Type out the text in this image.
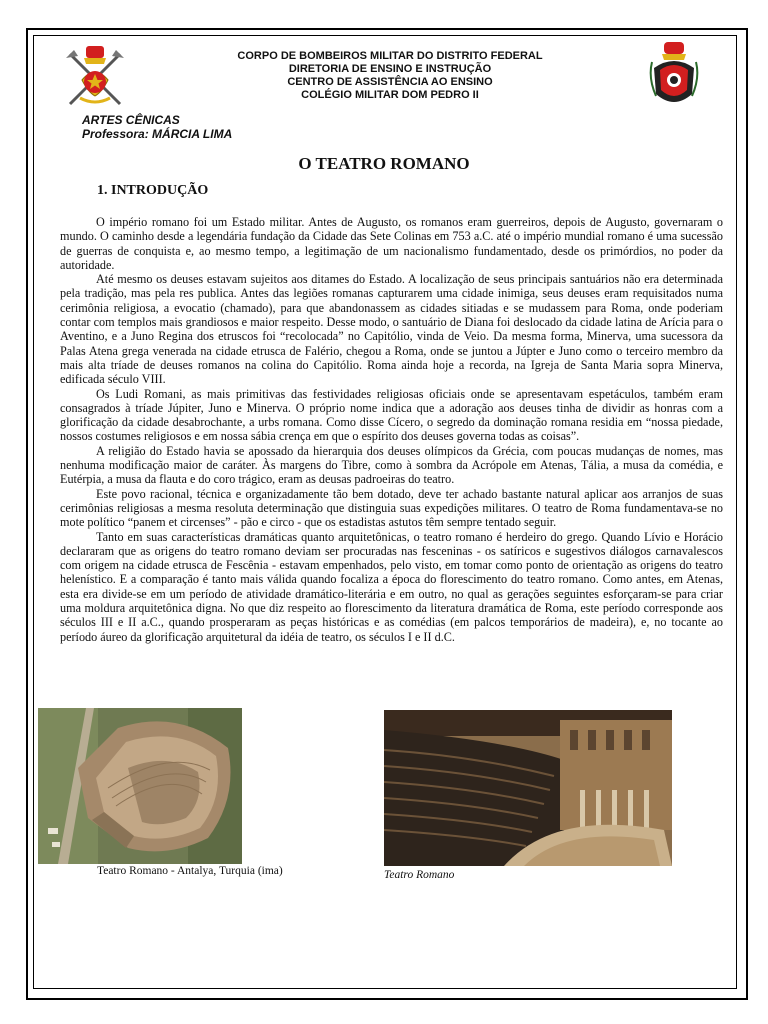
CORPO DE BOMBEIROS MILITAR DO DISTRITO FEDERAL
DIRETORIA DE ENSINO E INSTRUÇÃO
CENTRO DE ASSISTÊNCIA AO ENSINO
COLÉGIO MILITAR DOM PEDRO II
ARTES CÊNICAS
Professora: MÁRCIA LIMA
O TEATRO ROMANO
1. INTRODUÇÃO

O império romano foi um Estado militar. Antes de Augusto, os romanos eram guerreiros, depois de Augusto, governaram o mundo. O caminho desde a legendária fundação da Cidade das Sete Colinas em 753 a.C. até o império mundial romano é uma sucessão de guerras de conquista e, ao mesmo tempo, a legitimação de um nacionalismo fundamentado, desde os primórdios, no poder da autoridade.

Até mesmo os deuses estavam sujeitos aos ditames do Estado. A localização de seus principais santuários não era determinada pela tradição, mas pela res publica. Antes das legiões romanas capturarem uma cidade inimiga, seus deuses eram requisitados numa cerimônia religiosa, a evocatio (chamado), para que abandonassem as cidades sitiadas e se mudassem para Roma, onde poderiam contar com templos mais grandiosos e maior respeito. Desse modo, o santuário de Diana foi deslocado da cidade latina de Arícia para o Aventino, e a Juno Regina dos etruscos foi “recolocada” no Capitólio, vinda de Veio. Da mesma forma, Minerva, uma sucessora da Palas Atena grega venerada na cidade etrusca de Falério, chegou a Roma, onde se juntou a Júpter e Juno como o terceiro membro da mais alta tríade de deuses romanos na colina do Capitólio. Roma ainda hoje a recorda, na Igreja de Santa Maria sopra Minerva, edificada século VIII.

Os Ludi Romani, as mais primitivas das festividades religiosas oficiais onde se apresentavam espetáculos, também eram consagrados à tríade Júpiter, Juno e Minerva. O próprio nome indica que a adoração aos deuses tinha de dividir as honras com a glorificação da cidade desabrochante, a urbs romana. Como disse Cícero, o segredo da dominação romana residia em “nossa piedade, nossos costumes religiosos e em nossa sábia crença em que o espírito dos deuses governa todas as coisas”.

A religião do Estado havia se apossado da hierarquia dos deuses olímpicos da Grécia, com poucas mudanças de nomes, mas nenhuma modificação maior de caráter. Às margens do Tibre, como à sombra da Acrópole em Atenas, Tália, a musa da comédia, e Eutérpia, a musa da flauta e do coro trágico, eram as deusas padroeiras do teatro.

Este povo racional, técnica e organizadamente tão bem dotado, deve ter achado bastante natural aplicar aos arranjos de suas cerimônias religiosas a mesma resoluta determinação que distinguia suas expedições militares. O teatro de Roma fundamentava-se no mote político “panem et circenses” - pão e circo - que os estadistas astutos têm sempre tentado seguir.

Tanto em suas características dramáticas quanto arquitetônicas, o teatro romano é herdeiro do grego. Quando Lívio e Horácio declararam que as origens do teatro romano deviam ser procuradas nas fesceninas - os satíricos e sugestivos diálogos carnavalescos com origem na cidade etrusca de Fescênia - estavam empenhados, pelo visto, em tomar como ponto de orientação as origens do teatro helenístico. E a comparação é tanto mais válida quando focaliza a época do florescimento do teatro romano. Como antes, em Atenas, esta era divide-se em um período de atividade dramático-literária e em outro, no qual as gerações seguintes esforçaram-se para criar uma moldura arquitetônica digna. No que diz respeito ao florescimento da literatura dramática de Roma, este período corresponde aos séculos III e II a.C., quando prosperaram as peças históricas e as comédias (em palcos temporários de madeira), e, no tocante ao período áureo da glorificação arquitetural da idéia de teatro, os séculos I e II d.C.

Teatro Romano - Antalya, Turquia (ima)	Teatro Romano
